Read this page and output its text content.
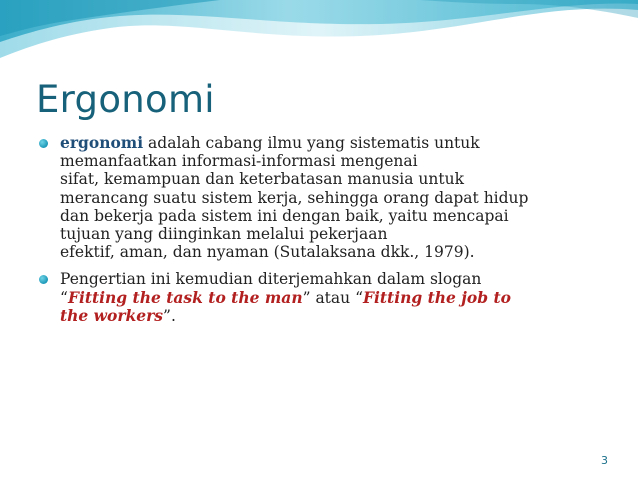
Ergonomi
ergonomi adalah cabang ilmu yang sistematis untuk
memanfaatkan informasi-informasi mengenai
sifat, kemampuan dan keterbatasan manusia untuk
merancang suatu sistem kerja, sehingga orang dapat hidup
dan bekerja pada sistem ini dengan baik, yaitu mencapai
tujuan yang diinginkan melalui pekerjaan
efektif, aman, dan nyaman (Sutalaksana dkk., 1979).
Pengertian ini kemudian diterjemahkan dalam slogan
“Fitting the task to the man” atau “Fitting the job to
the workers”.
3
